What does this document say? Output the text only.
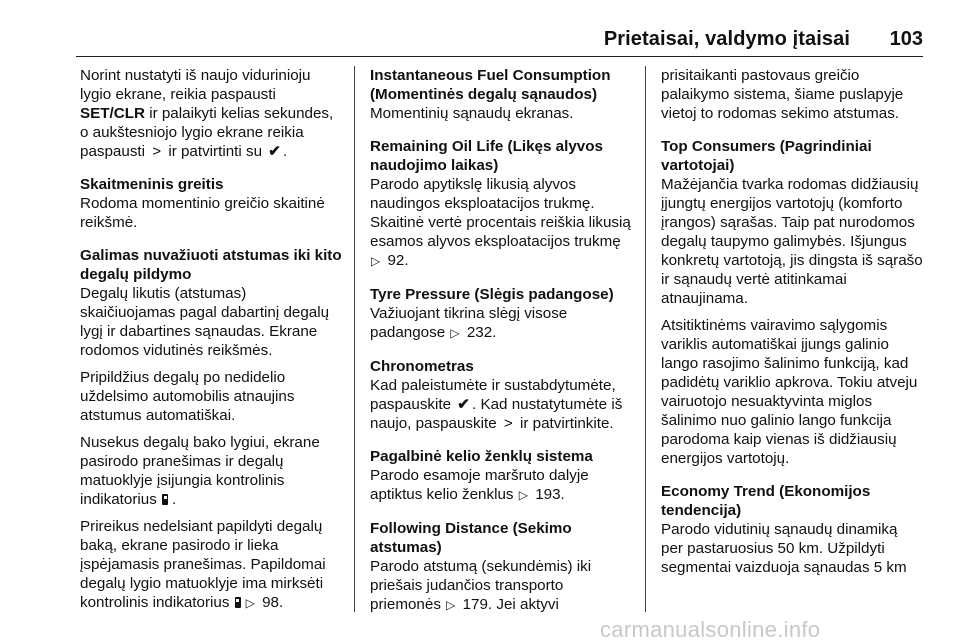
Prietaisai, valdymo įtaisai 103
Norint nustatyti iš naujo vidurinioju lygio ekrane, reikia paspausti
SET/CLR ir palaikyti kelias sekundes, o aukštesniojo lygio ekrane reikia paspausti > ir patvirtinti su ✔ .
Skaitmeninis greitis
Rodoma momentinio greičio skaitinė reikšmė.
Galimas nuvažiuoti atstumas iki kito degalų pildymo

Degalų likutis (atstumas) skaičiuojamas pagal dabartinį degalų lygį ir dabartines sąnaudas. Ekrane rodomos vidutinės reikšmės.

Pripildžius degalų po nedidelio uždelsimo automobilis atnaujins atstumus automatiškai.

Nusekus degalų bako lygiui, ekrane pasirodo pranešimas ir degalų matuoklyje įsijungia kontrolinis indikatorius .

Prireikus nedelsiant papildyti degalų baką, ekrane pasirodo ir lieka įspėjamasis pranešimas. Papildomai degalų lygio matuoklyje ima mirksėti kontrolinis indikatorius ▷ 98.

Instantaneous Fuel Consumption (Momentinės degalų sąnaudos)
Momentinių sąnaudų ekranas.
Remaining Oil Life (Likęs alyvos naudojimo laikas)
Parodo apytikslę likusią alyvos naudingos eksploatacijos trukmę. Skaitinė vertė procentais reiškia likusią esamos alyvos eksploatacijos trukmę ▷ 92.
Tyre Pressure (Slėgis padangose)
Važiuojant tikrina slėgį visose padangose ▷ 232.
Chronometras
Kad paleistumėte ir sustabdytumėte, paspauskite ✔ . Kad nustatytumėte iš naujo, paspauskite > ir patvirtinkite.
Pagalbinė kelio ženklų sistema
Parodo esamoje maršruto dalyje aptiktus kelio ženklus ▷ 193.
Following Distance (Sekimo atstumas)
Parodo atstumą (sekundėmis) iki priešais judančios transporto priemonės ▷ 179. Jei aktyvi
prisitaikanti pastovaus greičio palaikymo sistema, šiame puslapyje vietoj to rodomas sekimo atstumas.
Top Consumers (Pagrindiniai vartotojai)

Mažėjančia tvarka rodomas didžiausių įjungtų energijos vartotojų (komforto įrangos) sąrašas. Taip pat nurodomos degalų taupymo galimybės. Išjungus konkretų vartotoją, jis dingsta iš sąrašo ir sąnaudų vertė atitinkamai atnaujinama.

Atsitiktinėms vairavimo sąlygomis variklis automatiškai įjungs galinio lango rasojimo šalinimo funkciją, kad padidėtų variklio apkrova. Tokiu atveju vairuotojo nesuaktyvinta miglos šalinimo nuo galinio lango funkcija parodoma kaip vienas iš didžiausių energijos vartotojų.

Economy Trend (Ekonomijos tendencija)
Parodo vidutinių sąnaudų dinamiką per pastaruosius 50 km. Užpildyti segmentai vaizduoja sąnaudas 5 km
carmanualsonline.info
